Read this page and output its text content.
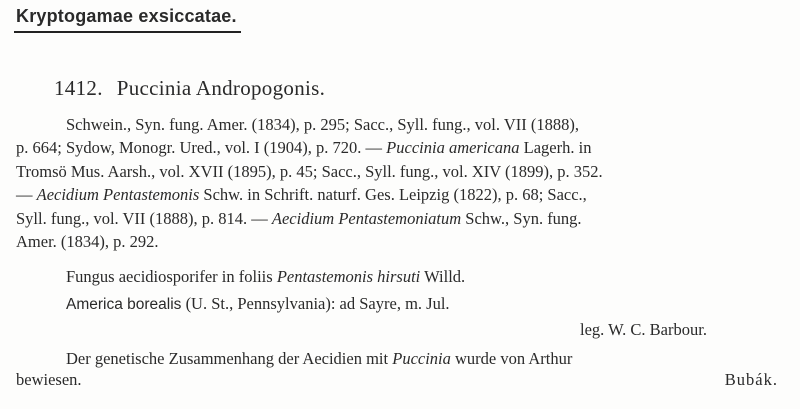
Kryptogamae exsiccatae.
1412. Puccinia Andropogonis.
Schwein., Syn. fung. Amer. (1834), p. 295; Sacc., Syll. fung., vol. VII (1888),
p. 664; Sydow, Monogr. Ured., vol. I (1904), p. 720. — Puccinia americana Lagerh. in
Tromsö Mus. Aarsh., vol. XVII (1895), p. 45; Sacc., Syll. fung., vol. XIV (1899), p. 352.
— Aecidium Pentastemonis Schw. in Schrift. naturf. Ges. Leipzig (1822), p. 68; Sacc.,
Syll. fung., vol. VII (1888), p. 814. — Aecidium Pentastemoniatum Schw., Syn. fung.
Amer. (1834), p. 292.
Fungus aecidiosporifer in foliis Pentastemonis hirsuti Willd.
America borealis (U. St., Pennsylvania): ad Sayre, m. Jul.
leg. W. C. Barbour.
Der genetische Zusammenhang der Aecidien mit Puccinia wurde von Arthur
bewiesen.	Bubák.
